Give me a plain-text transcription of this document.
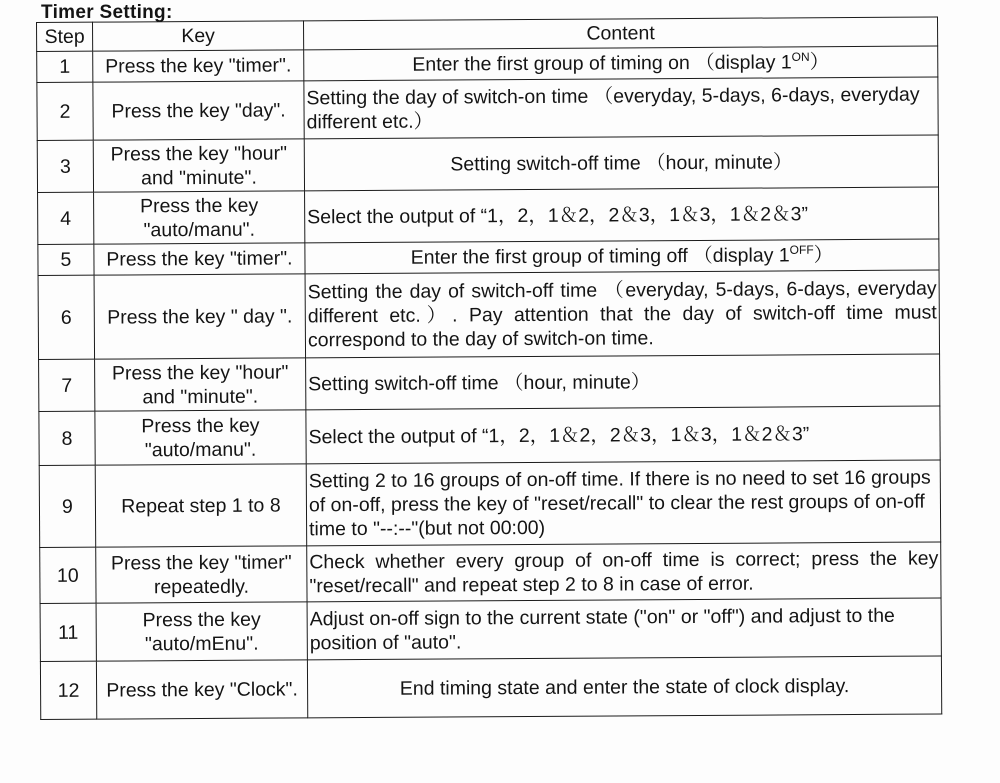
Timer Setting:
Step	Key	Content
1	Press the key "timer".	Enter the first group of timing on （display $1^{ON}$）
2	Press the key "day".	Setting the day of switch-on time （everyday, 5-days, 6-days, everyday different etc.）
3	Press the key "hour" and "minute".	Setting switch-off time （hour, minute）
4	Press the key "auto/manu".	Select the output of “1，2，1＆2，2＆3，1＆3，1＆2＆3”
5	Press the key "timer".	Enter the first group of timing off （display $1^{OFF}$）
6	Press the key " day ".	Setting the day of switch-off time （everyday, 5-days, 6-days, everyday different etc.）. Pay attention that the day of switch-off time must correspond to the day of switch-on time.
7	Press the key "hour" and "minute".	Setting switch-off time （hour, minute）
8	Press the key "auto/manu".	Select the output of “1，2，1＆2，2＆3，1＆3，1＆2＆3”
9	Repeat step 1 to 8	Setting 2 to 16 groups of on-off time. If there is no need to set 16 groups of on-off, press the key of "reset/recall" to clear the rest groups of on-off time to "--:--"(but not 00:00)
10	Press the key "timer" repeatedly.	Check whether every group of on-off time is correct; press the key "reset/recall" and repeat step 2 to 8 in case of error.
11	Press the key "auto/mEnu".	Adjust on-off sign to the current state ("on" or "off") and adjust to the position of "auto".
12	Press the key "Clock".	End timing state and enter the state of clock display.
